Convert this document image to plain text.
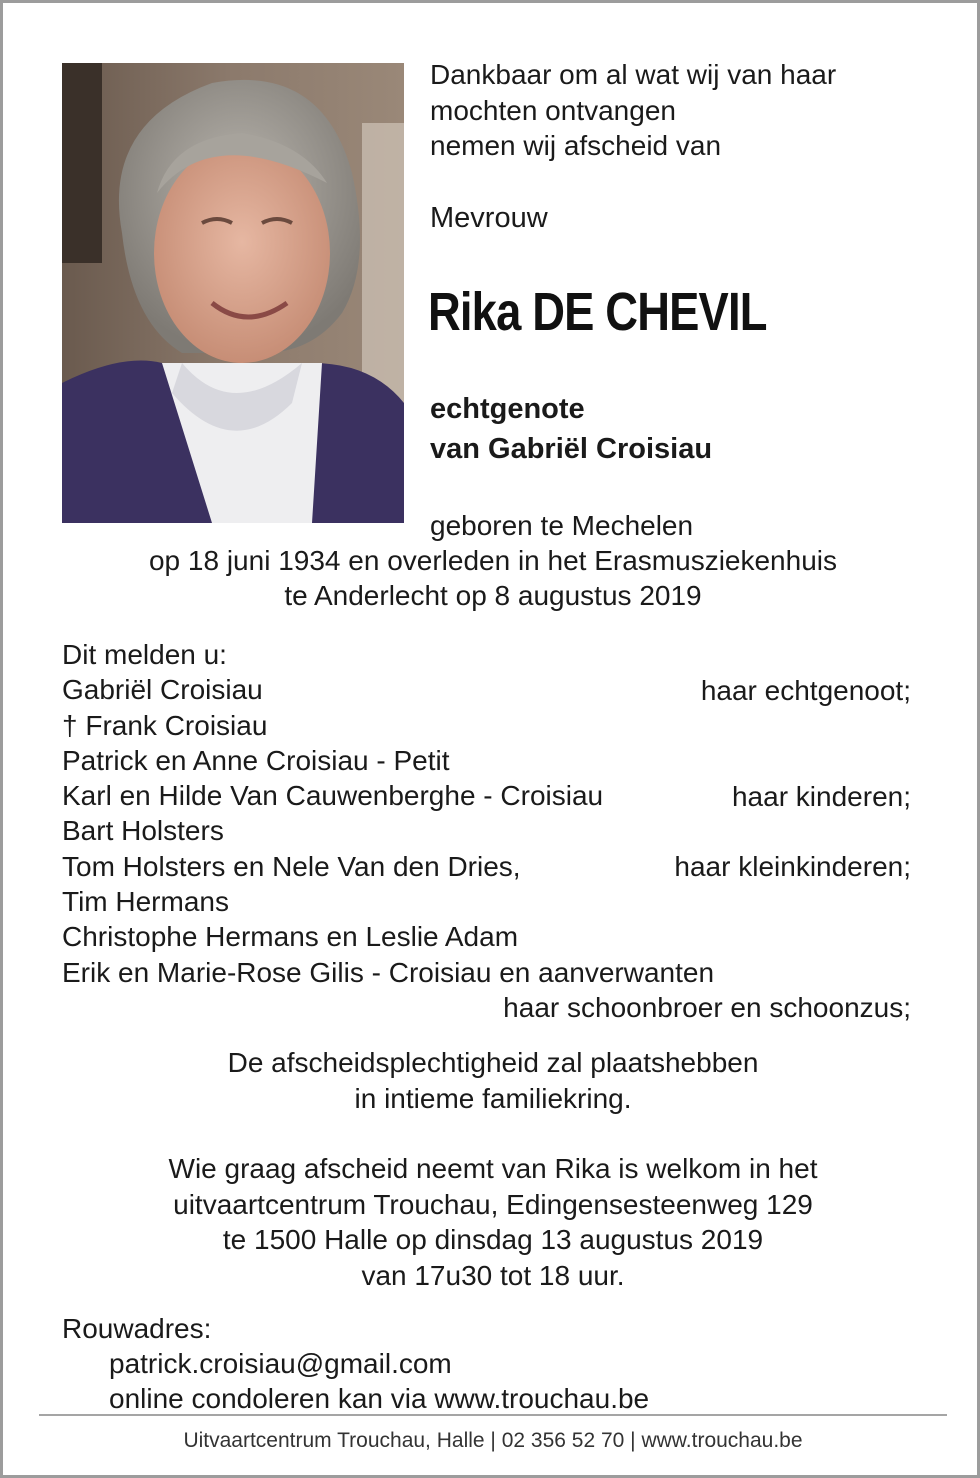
Dankbaar om al wat wij van haar
mochten ontvangen
nemen wij afscheid van

Mevrouw

Rika DE CHEVIL

echtgenote
van Gabriël Croisiau

geboren te Mechelen

op 18 juni 1934 en overleden in het Erasmusziekenhuis
te Anderlecht op 8 augustus 2019

Dit melden u:
Gabriël Croisiau
† Frank Croisiau
Patrick en Anne Croisiau - Petit
Karl en Hilde Van Cauwenberghe - Croisiau
Bart Holsters
Tom Holsters en Nele Van den Dries,
Tim Hermans
Christophe Hermans en Leslie Adam
Erik en Marie-Rose Gilis - Croisiau en aanverwanten

haar echtgenoot;

haar kinderen;

haar kleinkinderen;

haar schoonbroer en schoonzus;

De afscheidsplechtigheid zal plaatshebben
in intieme familiekring.

Wie graag afscheid neemt van Rika is welkom in het
uitvaartcentrum Trouchau, Edingensesteenweg 129
te 1500 Halle op dinsdag 13 augustus 2019
van 17u30 tot 18 uur.

Rouwadres:

patrick.croisiau@gmail.com
online condoleren kan via www.trouchau.be

Uitvaartcentrum Trouchau, Halle | 02 356 52 70 | www.trouchau.be
